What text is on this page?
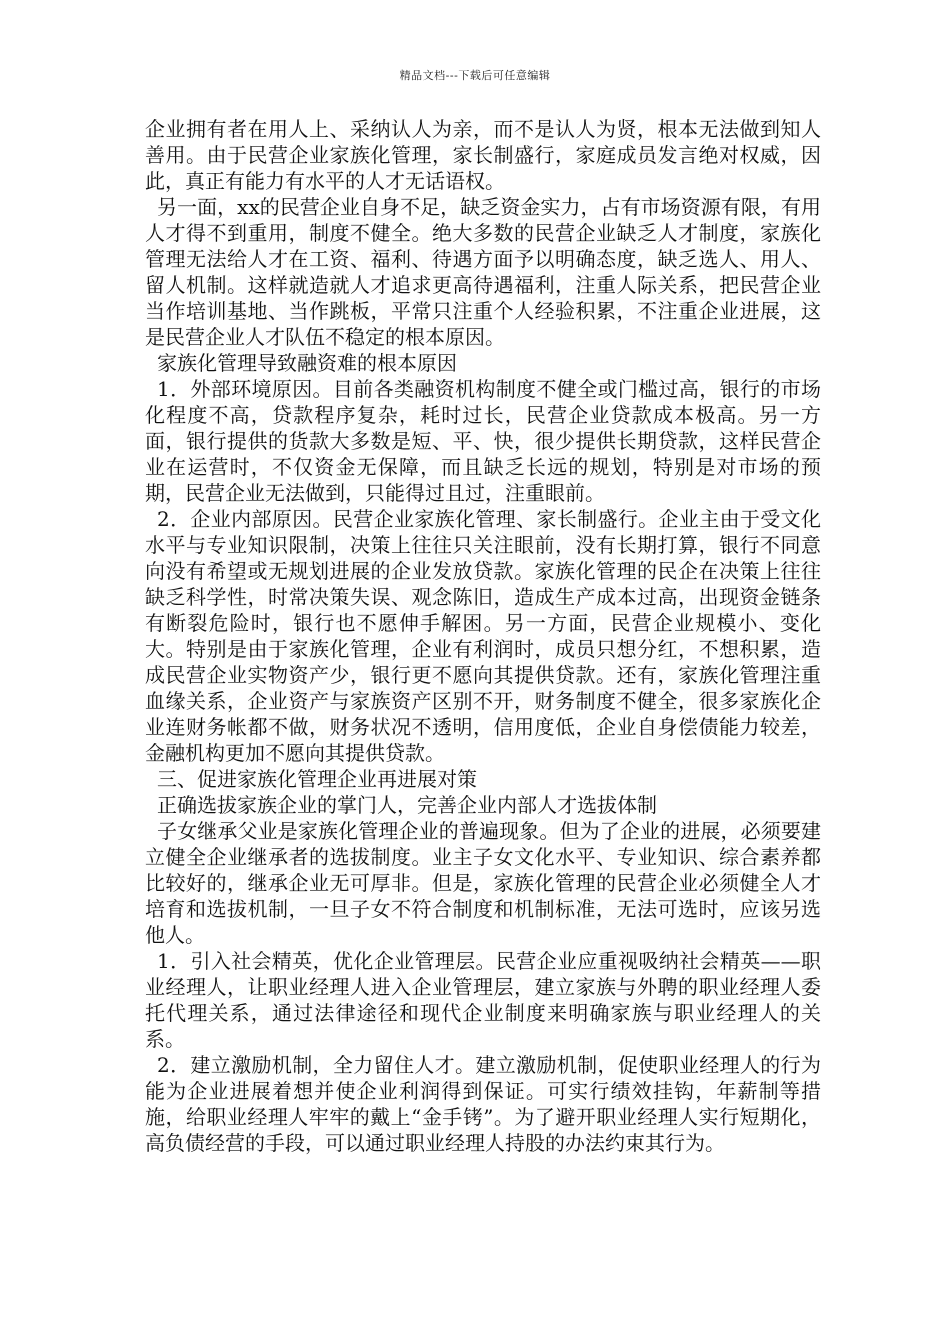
精品文档---下载后可任意编辑

企业拥有者在用人上、采纳认人为亲，而不是认人为贤，根本无法做到知人善用。由于民营企业家族化管理，家长制盛行，家庭成员发言绝对权威，因此，真正有能力有水平的人才无话语权。

另一面，xx的民营企业自身不足，缺乏资金实力，占有市场资源有限，有用人才得不到重用，制度不健全。绝大多数的民营企业缺乏人才制度，家族化管理无法给人才在工资、福利、待遇方面予以明确态度，缺乏选人、用人、留人机制。这样就造就人才追求更高待遇福利，注重人际关系，把民营企业当作培训基地、当作跳板，平常只注重个人经验积累，不注重企业进展，这是民营企业人才队伍不稳定的根本原因。

家族化管理导致融资难的根本原因

1．外部环境原因。目前各类融资机构制度不健全或门槛过高，银行的市场化程度不高，贷款程序复杂，耗时过长，民营企业贷款成本极高。另一方面，银行提供的货款大多数是短、平、快，很少提供长期贷款，这样民营企业在运营时，不仅资金无保障，而且缺乏长远的规划，特别是对市场的预期，民营企业无法做到，只能得过且过，注重眼前。

2．企业内部原因。民营企业家族化管理、家长制盛行。企业主由于受文化水平与专业知识限制，决策上往往只关注眼前，没有长期打算，银行不同意向没有希望或无规划进展的企业发放贷款。家族化管理的民企在决策上往往缺乏科学性，时常决策失误、观念陈旧，造成生产成本过高，出现资金链条有断裂危险时，银行也不愿伸手解困。另一方面，民营企业规模小、变化大。特别是由于家族化管理，企业有利润时，成员只想分红，不想积累，造成民营企业实物资产少，银行更不愿向其提供贷款。还有，家族化管理注重血缘关系，企业资产与家族资产区别不开，财务制度不健全，很多家族化企业连财务帐都不做，财务状况不透明，信用度低，企业自身偿债能力较差，金融机构更加不愿向其提供贷款。

三、促进家族化管理企业再进展对策

正确选拔家族企业的掌门人，完善企业内部人才选拔体制

子女继承父业是家族化管理企业的普遍现象。但为了企业的进展，必须要建立健全企业继承者的选拔制度。业主子女文化水平、专业知识、综合素养都比较好的，继承企业无可厚非。但是，家族化管理的民营企业必须健全人才培育和选拔机制，一旦子女不符合制度和机制标准，无法可选时，应该另选他人。

1．引入社会精英，优化企业管理层。民营企业应重视吸纳社会精英——职业经理人，让职业经理人进入企业管理层，建立家族与外聘的职业经理人委托代理关系，通过法律途径和现代企业制度来明确家族与职业经理人的关系。

2．建立激励机制，全力留住人才。建立激励机制，促使职业经理人的行为能为企业进展着想并使企业利润得到保证。可实行绩效挂钩，年薪制等措施，给职业经理人牢牢的戴上“金手铐”。为了避开职业经理人实行短期化，高负债经营的手段，可以通过职业经理人持股的办法约束其行为。
